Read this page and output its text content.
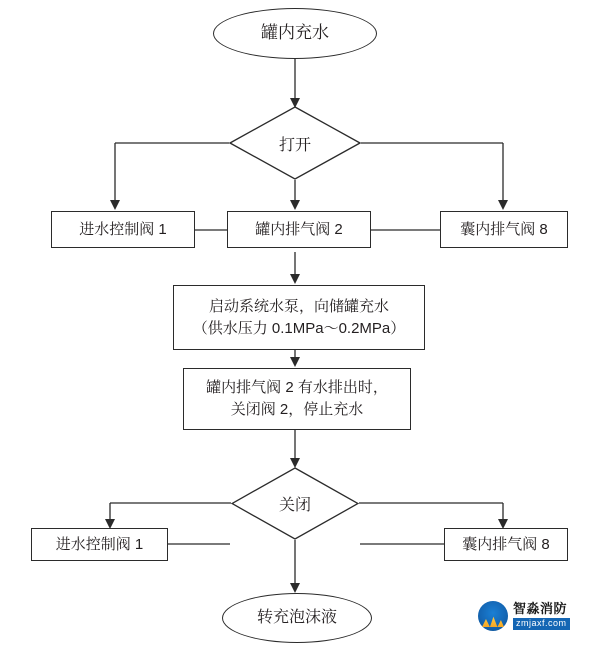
罐内充水
打开
进水控制阀 1	罐内排气阀 2	囊内排气阀 8
启动系统水泵，向储罐充水
（供水压力 0.1MPa～0.2MPa）
罐内排气阀 2 有水排出时，
关闭阀 2，停止充水
关闭
进水控制阀 1	囊内排气阀 8
转充泡沫液
智淼消防
zmjaxf.com
